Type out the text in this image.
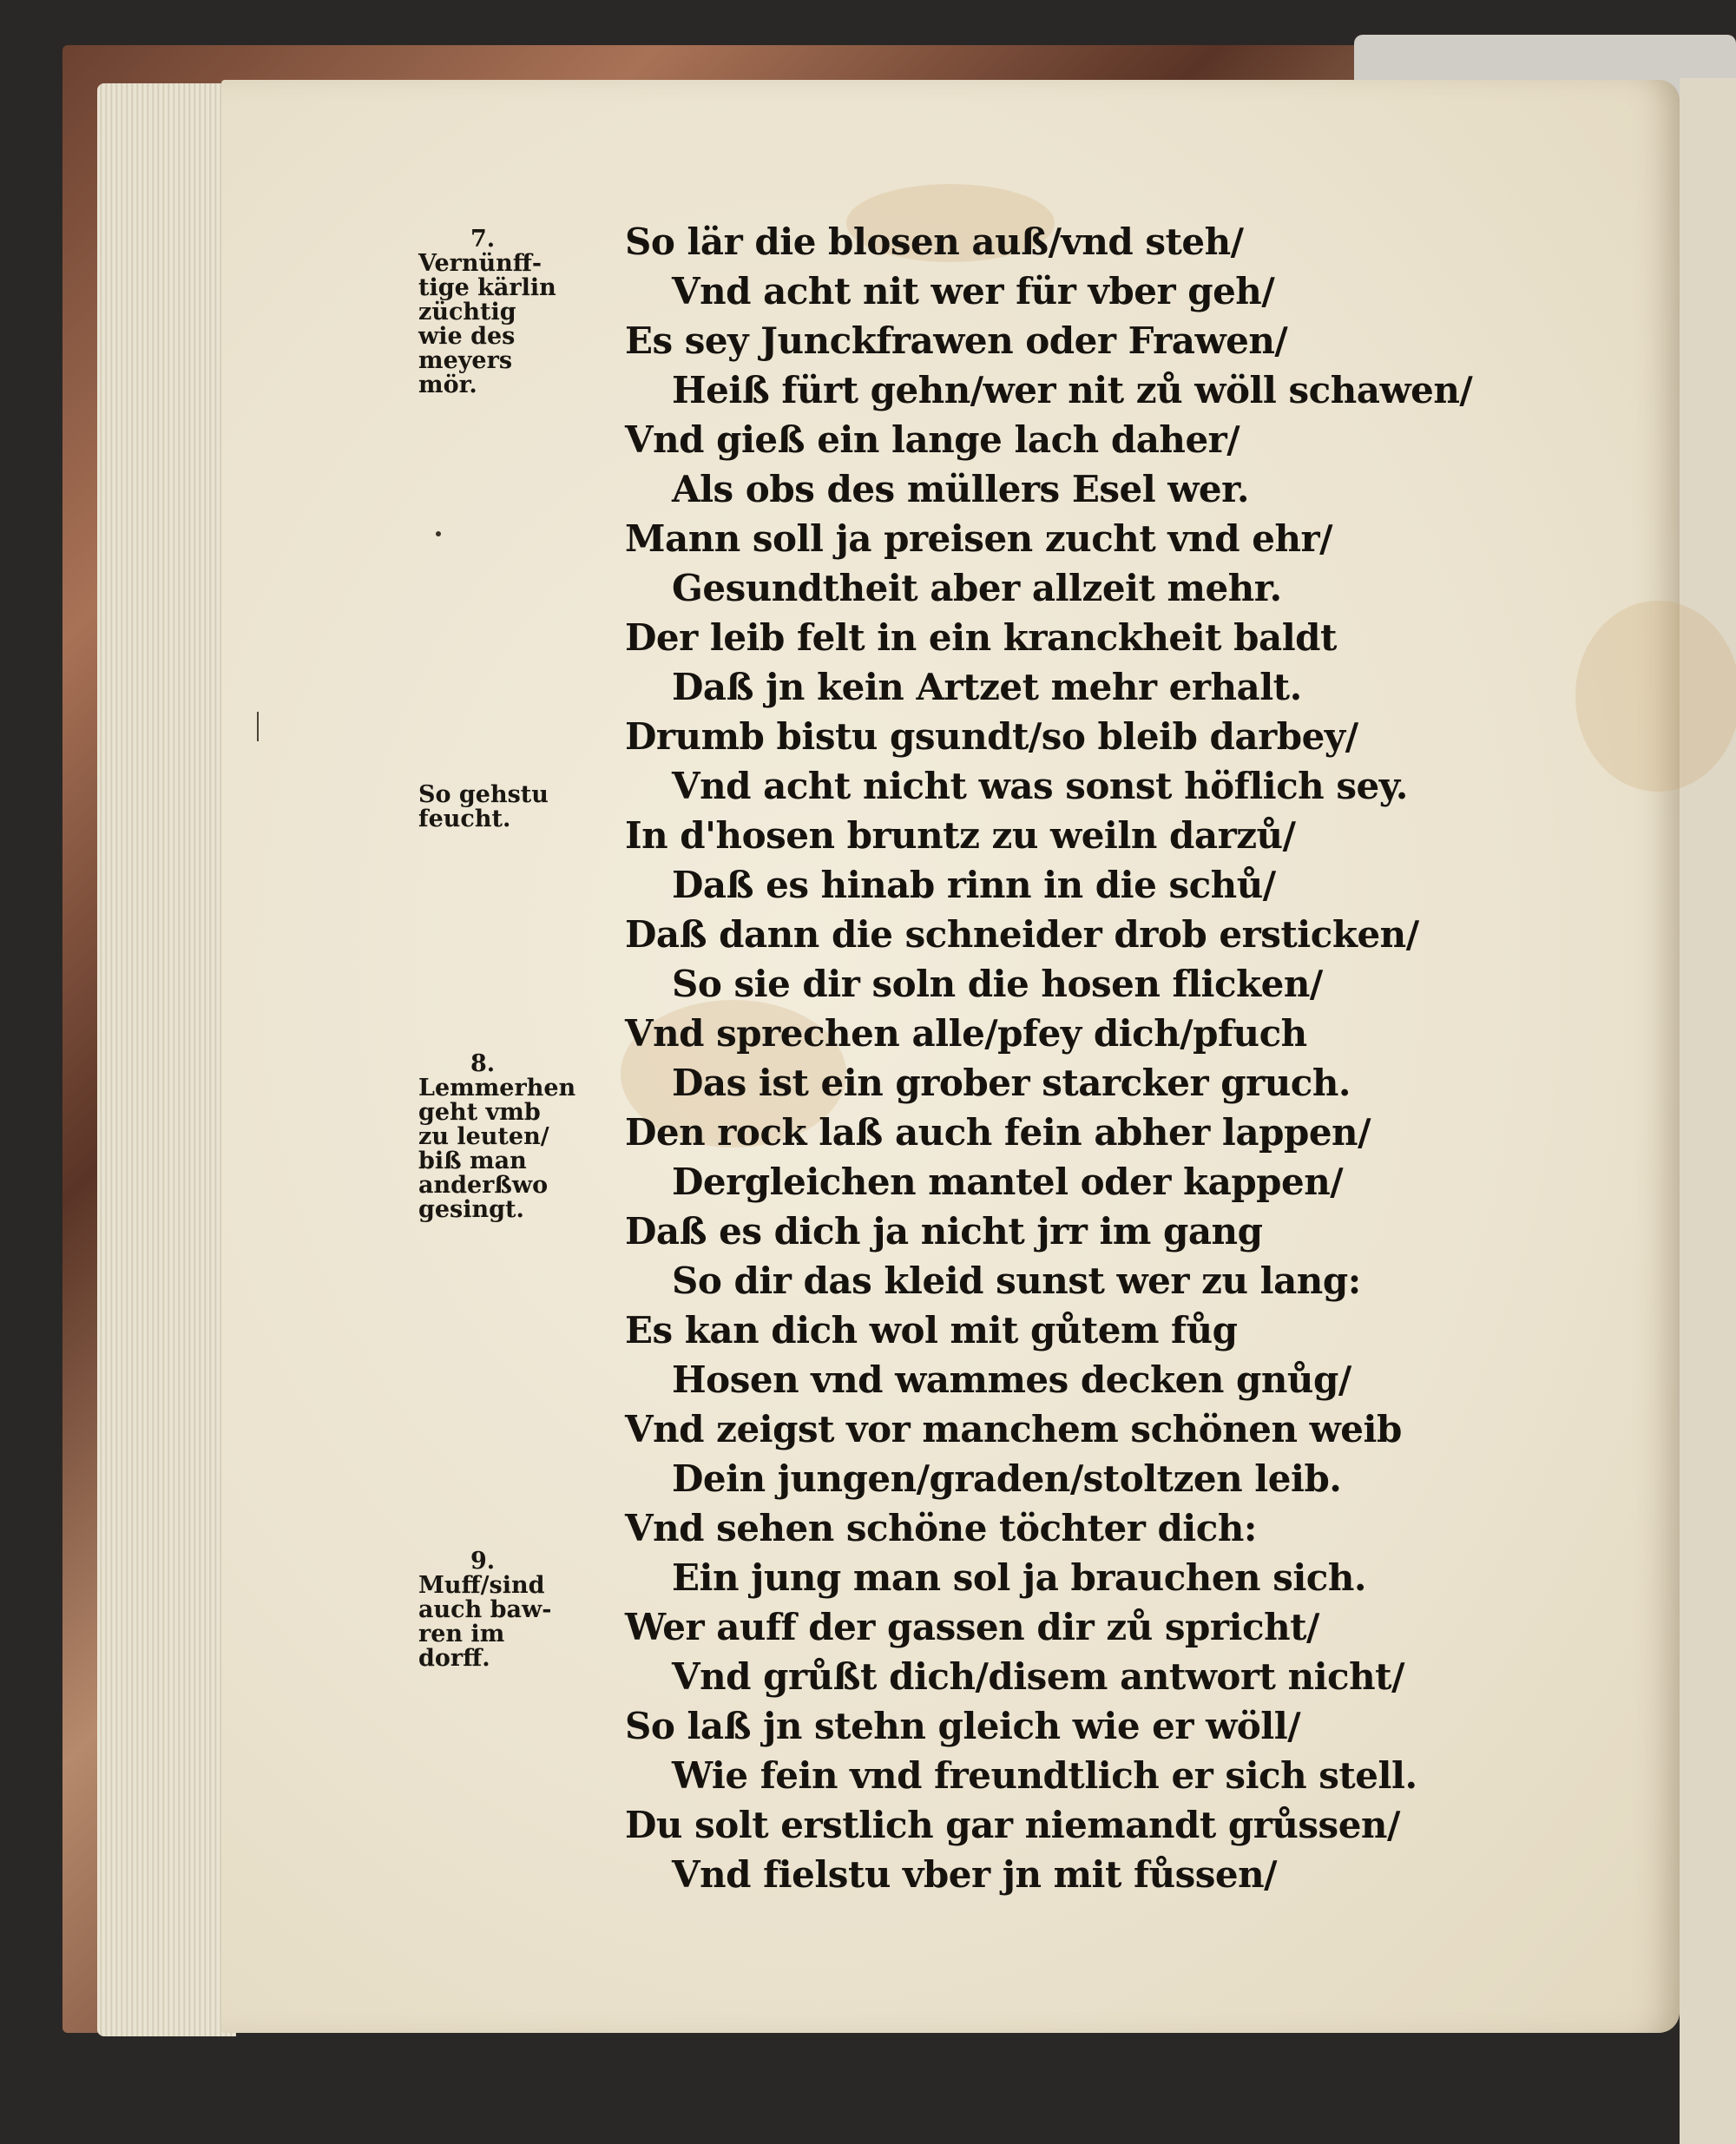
7.
Vernünff-
tige kärlin
züchtig
wie des
meyers
mör.
So gehstu
feucht.
8.
Lemmerhen
geht vmb
zu leuten/
biß man
anderßwo
gesingt.
9.
Muff/sind
auch baw-
ren im
dorff.

So lär die blosen auß/vnd steh/

Vnd acht nit wer für vber geh/

Es sey Junckfrawen oder Frawen/

Heiß fürt gehn/wer nit zů wöll schawen/

Vnd gieß ein lange lach daher/

Als obs des müllers Esel wer.

Mann soll ja preisen zucht vnd ehr/

Gesundtheit aber allzeit mehr.

Der leib felt in ein kranckheit baldt

Daß jn kein Artzet mehr erhalt.

Drumb bistu gsundt/so bleib darbey/

Vnd acht nicht was sonst höflich sey.

In d'hosen bruntz zu weiln darzů/

Daß es hinab rinn in die schů/

Daß dann die schneider drob ersticken/

So sie dir soln die hosen flicken/

Vnd sprechen alle/pfey dich/pfuch

Das ist ein grober starcker gruch.

Den rock laß auch fein abher lappen/

Dergleichen mantel oder kappen/

Daß es dich ja nicht jrr im gang

So dir das kleid sunst wer zu lang:

Es kan dich wol mit gůtem fůg

Hosen vnd wammes decken gnůg/

Vnd zeigst vor manchem schönen weib

Dein jungen/graden/stoltzen leib.

Vnd sehen schöne töchter dich:

Ein jung man sol ja brauchen sich.

Wer auff der gassen dir zů spricht/

Vnd grůßt dich/disem antwort nicht/

So laß jn stehn gleich wie er wöll/

Wie fein vnd freundtlich er sich stell.

Du solt erstlich gar niemandt grůssen/

Vnd fielstu vber jn mit fůssen/
